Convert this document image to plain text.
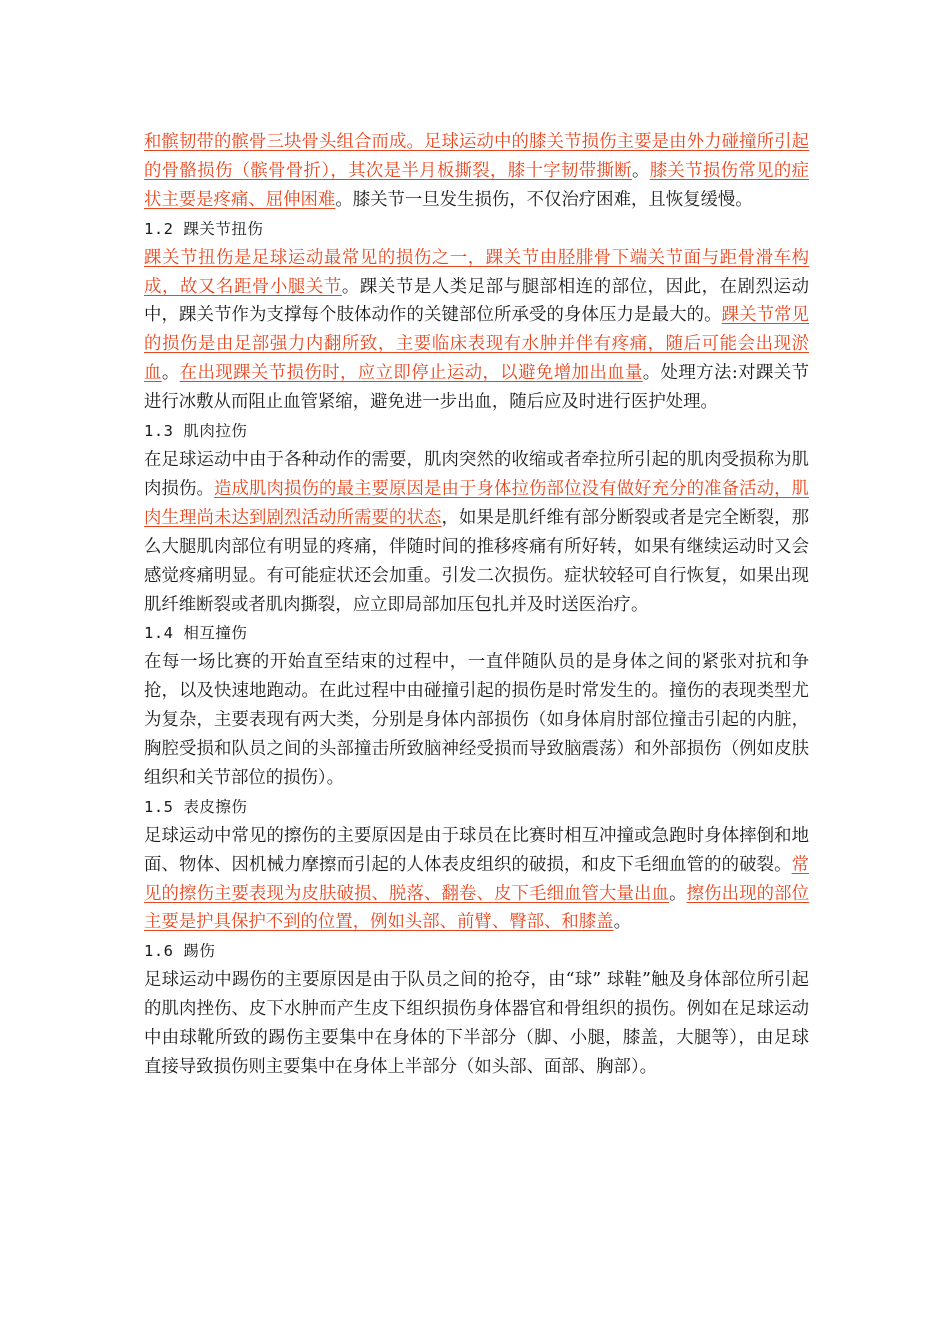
和髌韧带的髌骨三块骨头组合而成。足球运动中的膝关节损伤主要是由外力碰撞所引起的骨骼损伤（髌骨骨折），其次是半月板撕裂，膝十字韧带撕断。膝关节损伤常见的症状主要是疼痛、屈伸困难。膝关节一旦发生损伤，不仅治疗困难，且恢复缓慢。

1.2 踝关节扭伤

踝关节扭伤是足球运动最常见的损伤之一，踝关节由胫腓骨下端关节面与距骨滑车构成，故又名距骨小腿关节。踝关节是人类足部与腿部相连的部位，因此，在剧烈运动中，踝关节作为支撑每个肢体动作的关键部位所承受的身体压力是最大的。踝关节常见的损伤是由足部强力内翻所致，主要临床表现有水肿并伴有疼痛，随后可能会出现淤血。在出现踝关节损伤时，应立即停止运动，以避免增加出血量。处理方法:对踝关节进行冰敷从而阻止血管紧缩，避免进一步出血，随后应及时进行医护处理。

1.3 肌肉拉伤

在足球运动中由于各种动作的需要，肌肉突然的收缩或者牵拉所引起的肌肉受损称为肌肉损伤。造成肌肉损伤的最主要原因是由于身体拉伤部位没有做好充分的准备活动，肌肉生理尚未达到剧烈活动所需要的状态，如果是肌纤维有部分断裂或者是完全断裂，那么大腿肌肉部位有明显的疼痛，伴随时间的推移疼痛有所好转，如果有继续运动时又会感觉疼痛明显。有可能症状还会加重。引发二次损伤。症状较轻可自行恢复，如果出现肌纤维断裂或者肌肉撕裂，应立即局部加压包扎并及时送医治疗。

1.4 相互撞伤

在每一场比赛的开始直至结束的过程中，一直伴随队员的是身体之间的紧张对抗和争抢，以及快速地跑动。在此过程中由碰撞引起的损伤是时常发生的。撞伤的表现类型尤为复杂，主要表现有两大类，分别是身体内部损伤（如身体肩肘部位撞击引起的内脏，胸腔受损和队员之间的头部撞击所致脑神经受损而导致脑震荡）和外部损伤（例如皮肤组织和关节部位的损伤）。

1.5 表皮擦伤

足球运动中常见的擦伤的主要原因是由于球员在比赛时相互冲撞或急跑时身体摔倒和地面、物体、因机械力摩擦而引起的人体表皮组织的破损，和皮下毛细血管的的破裂。常见的擦伤主要表现为皮肤破损、脱落、翻卷、皮下毛细血管大量出血。擦伤出现的部位主要是护具保护不到的位置，例如头部、前臂、臀部、和膝盖。

1.6 踢伤

足球运动中踢伤的主要原因是由于队员之间的抢夺，由“球” 球鞋”触及身体部位所引起的肌肉挫伤、皮下水肿而产生皮下组织损伤身体器官和骨组织的损伤。例如在足球运动中由球靴所致的踢伤主要集中在身体的下半部分（脚、小腿，膝盖，大腿等），由足球直接导致损伤则主要集中在身体上半部分（如头部、面部、胸部）。
